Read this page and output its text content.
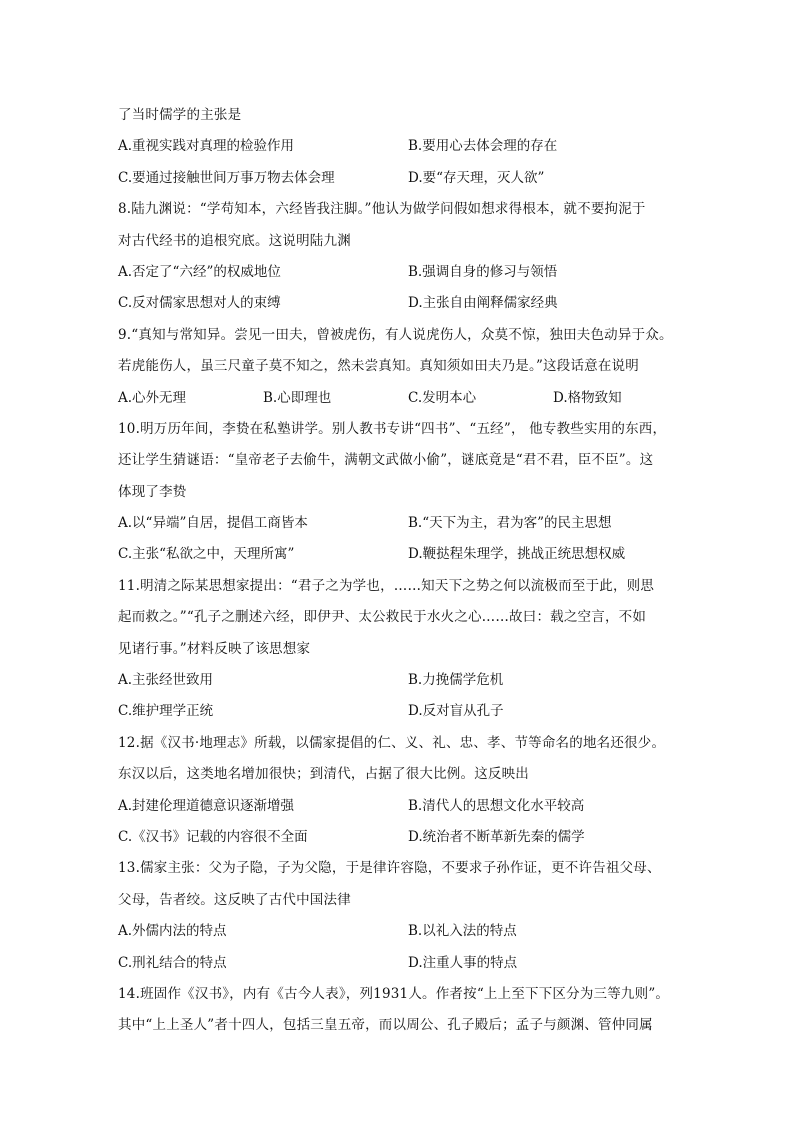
了当时儒学的主张是
A.重视实践对真理的检验作用	B.要用心去体会理的存在
C.要通过接触世间万事万物去体会理	D.要“存天理，灭人欲”
8.陆九渊说：“学苟知本，六经皆我注脚。”他认为做学问假如想求得根本，就不要拘泥于
对古代经书的追根究底。这说明陆九渊
A.否定了“六经”的权威地位	B.强调自身的修习与领悟
C.反对儒家思想对人的束缚	D.主张自由阐释儒家经典
9.“真知与常知异。尝见一田夫，曾被虎伤，有人说虎伤人，众莫不惊，独田夫色动异于众。
若虎能伤人，虽三尺童子莫不知之，然未尝真知。真知须如田夫乃是。”这段话意在说明
A.心外无理	B.心即理也	C.发明本心	D.格物致知
10.明万历年间，李贽在私塾讲学。别人教书专讲“四书”、“五经”， 他专教些实用的东西，
还让学生猜谜语：“皇帝老子去偷牛，满朝文武做小偷”，谜底竟是“君不君，臣不臣”。这
体现了李贽
A.以“异端”自居，提倡工商皆本	B.“天下为主，君为客”的民主思想
C.主张“私欲之中，天理所寓”	D.鞭挞程朱理学，挑战正统思想权威
11.明清之际某思想家提出：“君子之为学也，……知天下之势之何以流极而至于此，则思
起而救之。”“孔子之删述六经，即伊尹、太公救民于水火之心……故曰：载之空言，不如
见诸行事。”材料反映了该思想家
A.主张经世致用	B.力挽儒学危机
C.维护理学正统	D.反对盲从孔子
12.据《汉书·地理志》所载，以儒家提倡的仁、义、礼、忠、孝、节等命名的地名还很少。
东汉以后，这类地名增加很快；到清代，占据了很大比例。这反映出
A.封建伦理道德意识逐渐增强	B.清代人的思想文化水平较高
C.《汉书》记载的内容很不全面	D.统治者不断革新先秦的儒学
13.儒家主张：父为子隐，子为父隐，于是律许容隐，不要求子孙作证，更不许告祖父母、
父母，告者绞。这反映了古代中国法律
A.外儒内法的特点	B.以礼入法的特点
C.刑礼结合的特点	D.注重人事的特点
14.班固作《汉书》，内有《古今人表》，列1931人。作者按“上上至下下区分为三等九则”。
其中“上上圣人”者十四人，包括三皇五帝，而以周公、孔子殿后；孟子与颜渊、管仲同属
